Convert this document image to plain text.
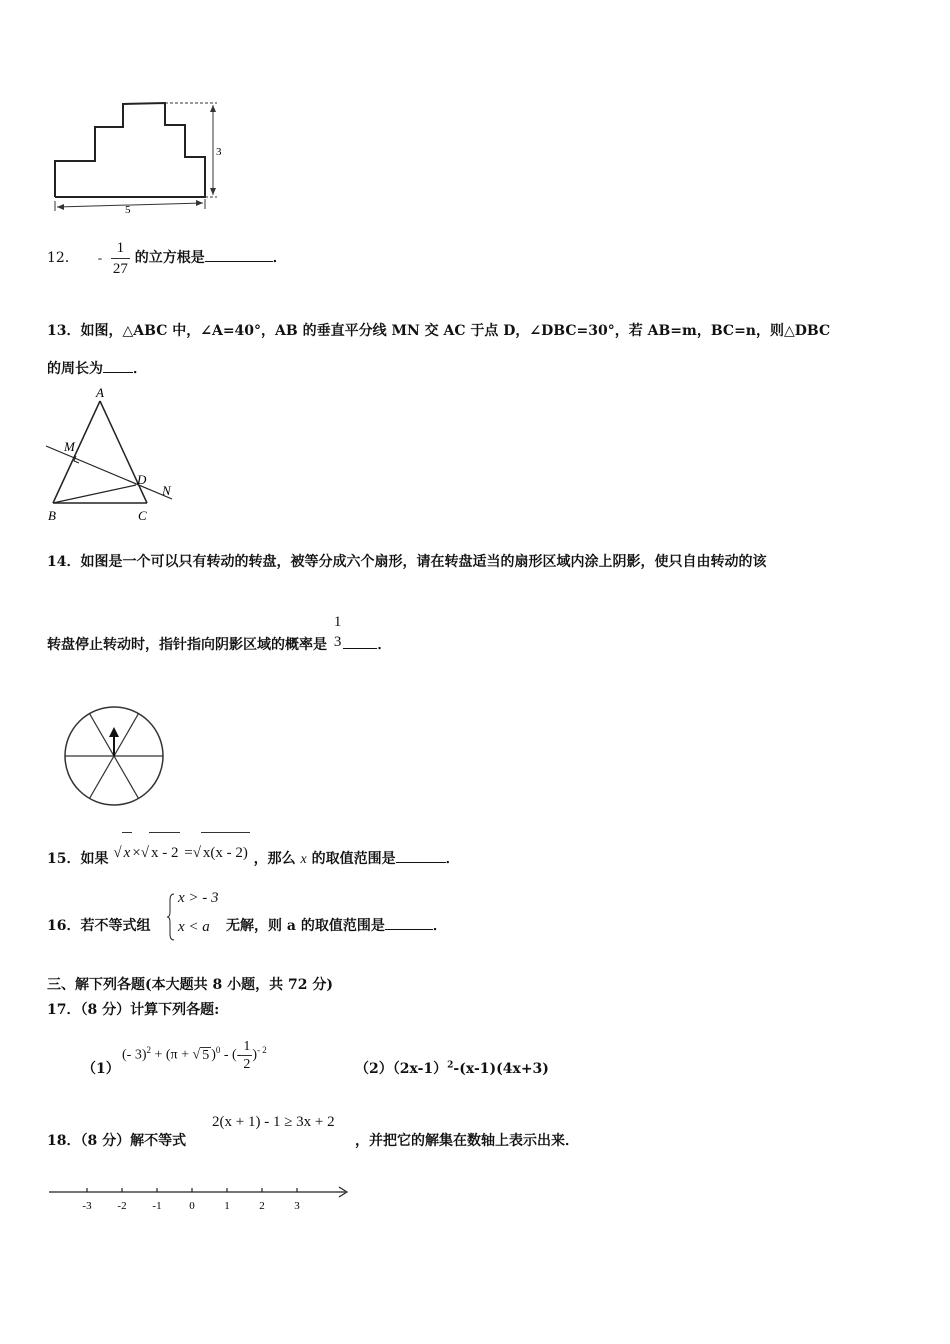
3
5
12． - $\frac{1}{27}$ 的立方根是	．
13．如图，△ABC 中，∠A=40°，AB 的垂直平分线 MN 交 AC 于点 D，∠DBC=30°，若 AB=m，BC=n，则△DBC
的周长为 ．
A
M
D
N
B	C
14．如图是一个可以只有转动的转盘，被等分成六个扇形，请在转盘适当的扇形区域内涂上阴影，使只自由转动的该
转盘停止转动时，指针指向阴影区域的概率是
1
3	．
15．如果 √ x ×√ x - 2 =√ x(x - 2) ，那么 x 的取值范围是	．
16．若不等式组
x > - 3
x < a 无解，则 a 的取值范围是	．
三、解下列各题(本大题共 8 小题，共 72 分)
17．（8 分）计算下列各题:
（1）
(- 3)$^2$ + (π + √ 5 )$^0$ - (- $\frac{1}{2} )^{- 2}$
$(2)(2x-1)^2-(x-1)(4x+3)$
18．（8 分）解不等式
2(x + 1) - 1 ≥ 3x + 2
，并把它的解集在数轴上表示出来．
-3 -2 -1	0	1	2	3
